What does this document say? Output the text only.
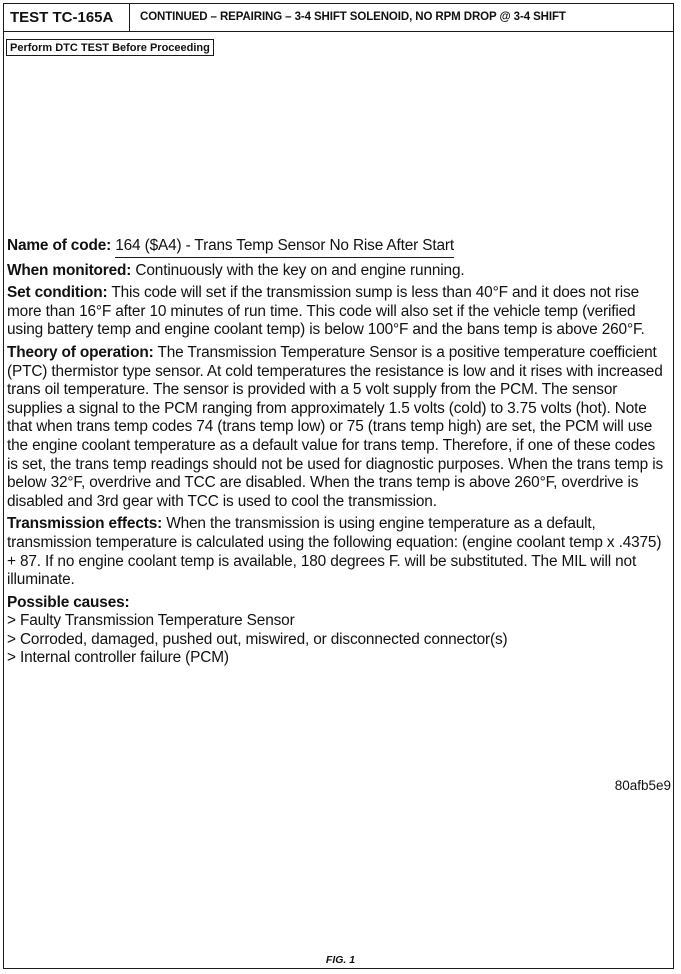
TEST TC-165A	CONTINUED – REPAIRING – 3-4 SHIFT SOLENOID, NO RPM DROP @ 3-4 SHIFT
Perform DTC TEST Before Proceeding

Name of code: 164 ($A4) - Trans Temp Sensor No Rise After Start

When monitored: Continuously with the key on and engine running.

Set condition: This code will set if the transmission sump is less than 40°F and it does not rise more than 16°F after 10 minutes of run time. This code will also set if the vehicle temp (verified using battery temp and engine coolant temp) is below 100°F and the bans temp is above 260°F.

Theory of operation: The Transmission Temperature Sensor is a positive temperature coefficient (PTC) thermistor type sensor. At cold temperatures the resistance is low and it rises with increased trans oil temperature. The sensor is provided with a 5 volt supply from the PCM. The sensor supplies a signal to the PCM ranging from approximately 1.5 volts (cold) to 3.75 volts (hot). Note that when trans temp codes 74 (trans temp low) or 75 (trans temp high) are set, the PCM will use the engine coolant temperature as a default value for trans temp. Therefore, if one of these codes is set, the trans temp readings should not be used for diagnostic purposes. When the trans temp is below 32°F, overdrive and TCC are disabled. When the trans temp is above 260°F, overdrive is disabled and 3rd gear with TCC is used to cool the transmission.

Transmission effects: When the transmission is using engine temperature as a default, transmission temperature is calculated using the following equation: (engine coolant temp x .4375) + 87. If no engine coolant temp is available, 180 degrees F. will be substituted. The MIL will not illuminate.

Possible causes:
> Faulty Transmission Temperature Sensor
> Corroded, damaged, pushed out, miswired, or disconnected connector(s)
> Internal controller failure (PCM)
80afb5e9
FIG. 1
